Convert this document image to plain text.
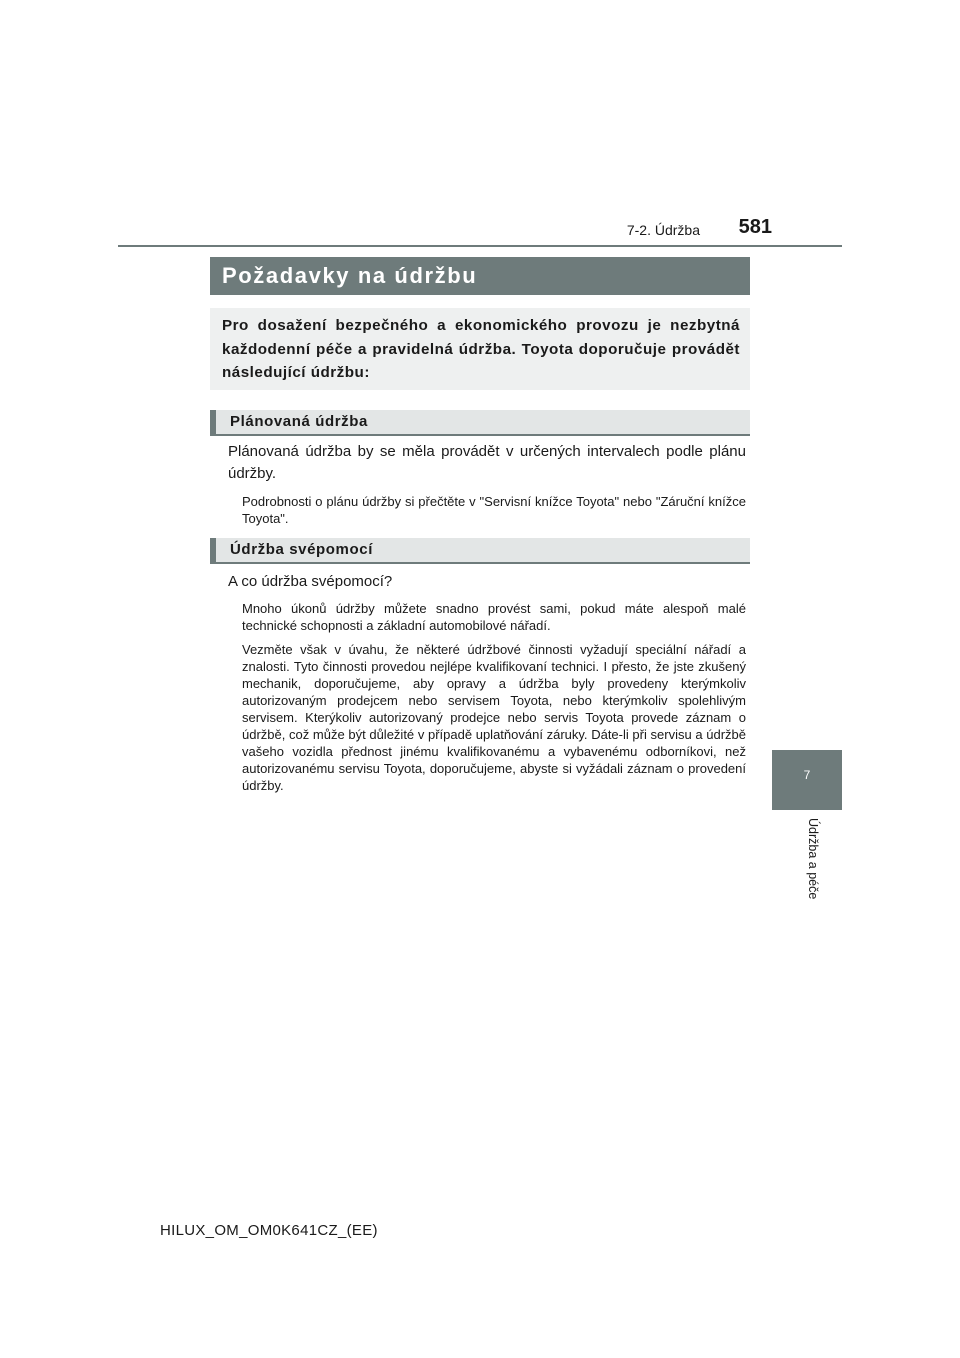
7-2. Údržba	581
Požadavky na údržbu

Pro dosažení bezpečného a ekonomického provozu je nezbytná každodenní péče a pravidelná údržba. Toyota doporučuje provádět následující údržbu:

Plánovaná údržba

Plánovaná údržba by se měla provádět v určených intervalech podle plánu údržby.

Podrobnosti o plánu údržby si přečtěte v "Servisní knížce Toyota" nebo "Záruční knížce Toyota".

Údržba svépomocí

A co údržba svépomocí?

Mnoho úkonů údržby můžete snadno provést sami, pokud máte alespoň malé technické schopnosti a základní automobilové nářadí.

Vezměte však v úvahu, že některé údržbové činnosti vyžadují speciální nářadí a znalosti. Tyto činnosti provedou nejlépe kvalifikovaní technici. I přesto, že jste zkušený mechanik, doporučujeme, aby opravy a údržba byly provedeny kterýmkoliv autorizovaným prodejcem nebo servisem Toyota, nebo kterýmkoliv spolehlivým servisem. Kterýkoliv autorizovaný prodejce nebo servis Toyota provede záznam o údržbě, což může být důležité v případě uplatňování záruky. Dáte-li při servisu a údržbě vašeho vozidla přednost jinému kvalifikovanému a vybavenému odborníkovi, než autorizovanému servisu Toyota, doporučujeme, abyste si vyžádali záznam o provedení údržby.

7
Údržba a péče
HILUX_OM_OM0K641CZ_(EE)
